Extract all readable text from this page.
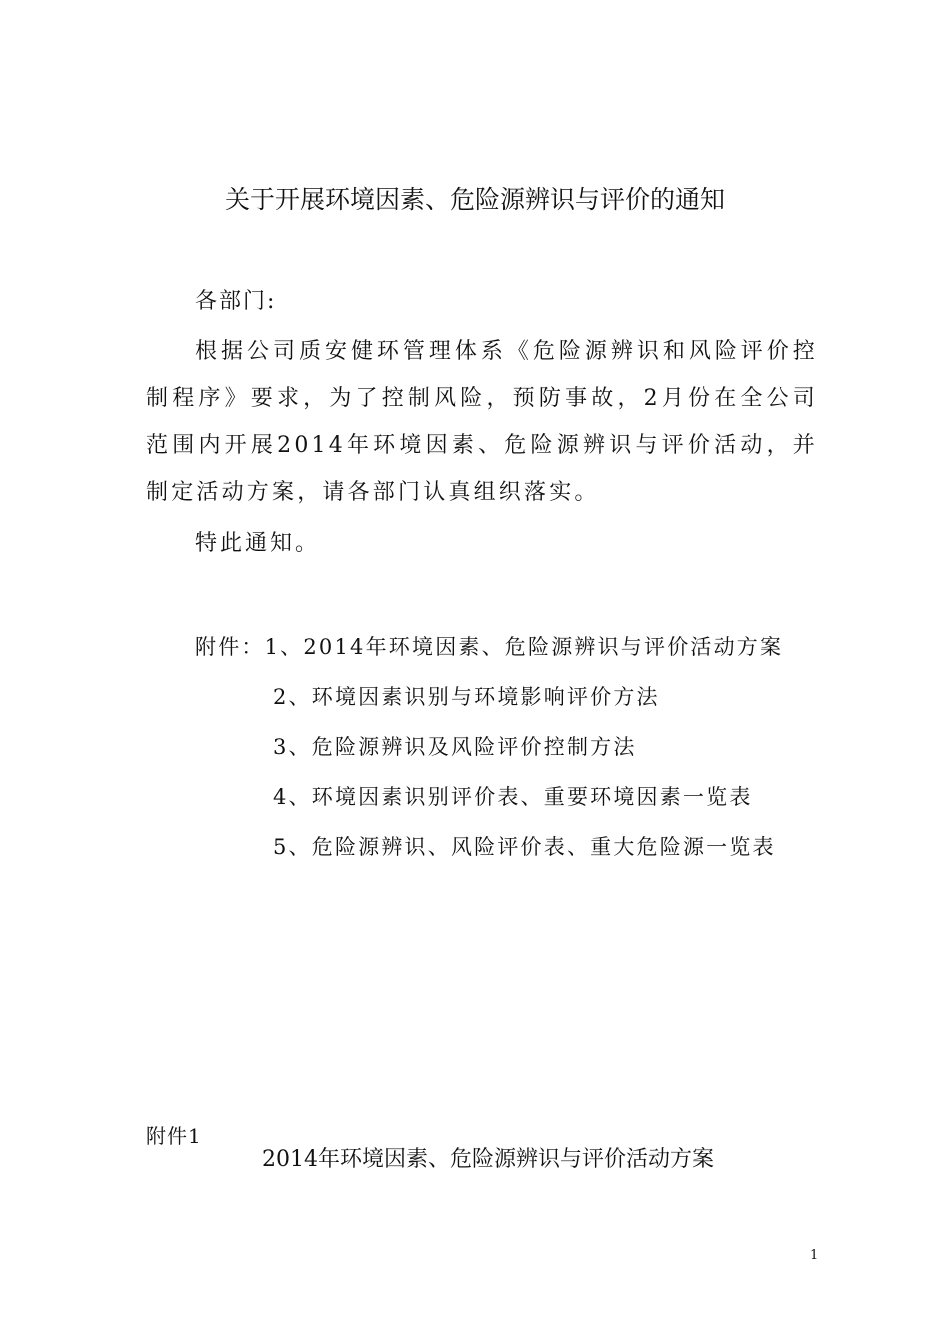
关于开展环境因素、危险源辨识与评价的通知
各部门:

根据公司质安健环管理体系《危险源辨识和风险评价控制程序》要求，为了控制风险，预防事故，2月份在全公司范围内开展2014年环境因素、危险源辨识与评价活动，并制定活动方案，请各部门认真组织落实。

特此通知。
附件：1、2014年环境因素、危险源辨识与评价活动方案
2、环境因素识别与环境影响评价方法
3、危险源辨识及风险评价控制方法
4、环境因素识别评价表、重要环境因素一览表
5、危险源辨识、风险评价表、重大危险源一览表
附件1
2014年环境因素、危险源辨识与评价活动方案
1
